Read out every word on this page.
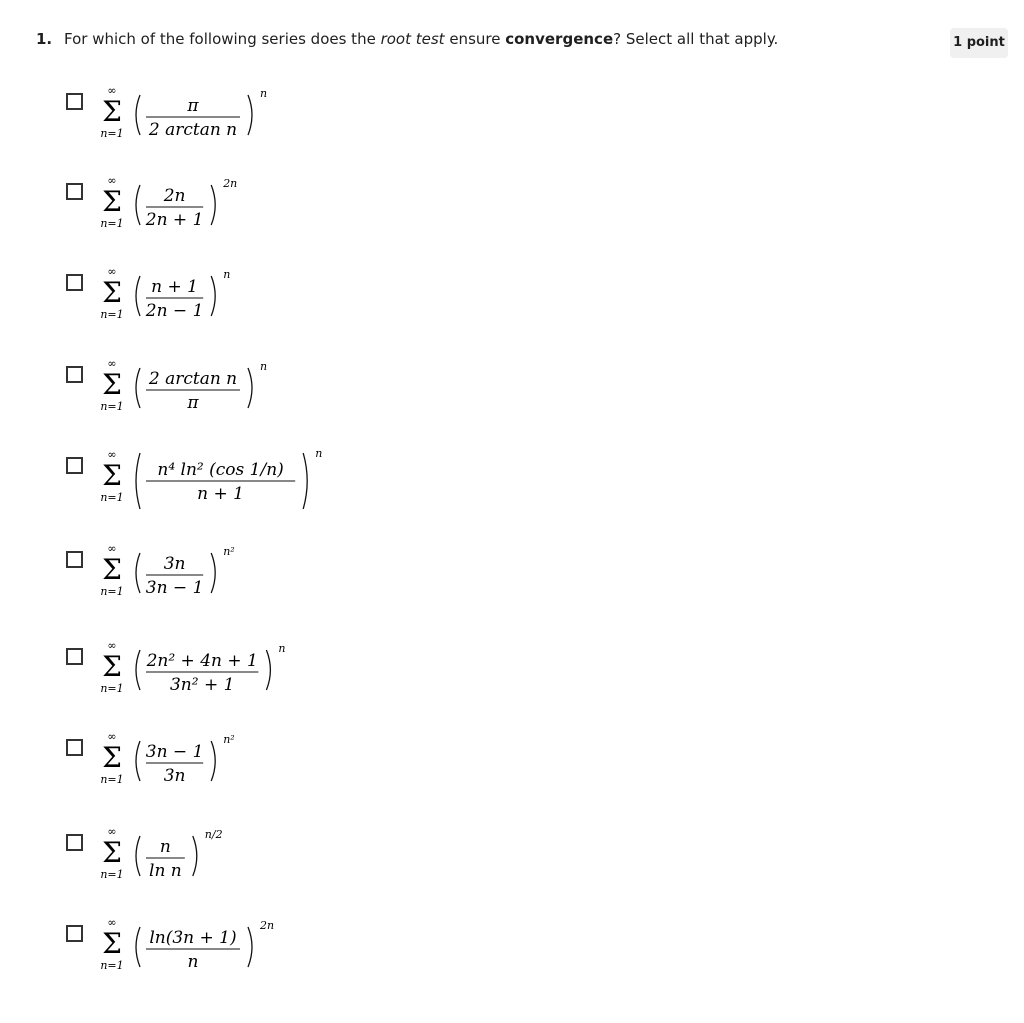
1. For which of the following series does the root test ensure convergence? Select all that apply.	1 point
∞
Σ
n=1
π
2 arctan n
n
∞
Σ
n=1
2n
2n + 1
2n
∞
Σ
n=1
n + 1
2n − 1
n
∞
Σ
n=1
2 arctan n
π
n
∞
Σ
n=1
n⁴ ln² (cos 1/n)
n + 1
n
∞
Σ
n=1
3n
3n − 1
n²
∞
Σ
n=1
2n² + 4n + 1
3n² + 1
n
∞
Σ
n=1
3n − 1
3n
n²
∞
Σ
n=1
n
ln n
n/2
∞
Σ
n=1
ln(3n + 1)
n
2n
